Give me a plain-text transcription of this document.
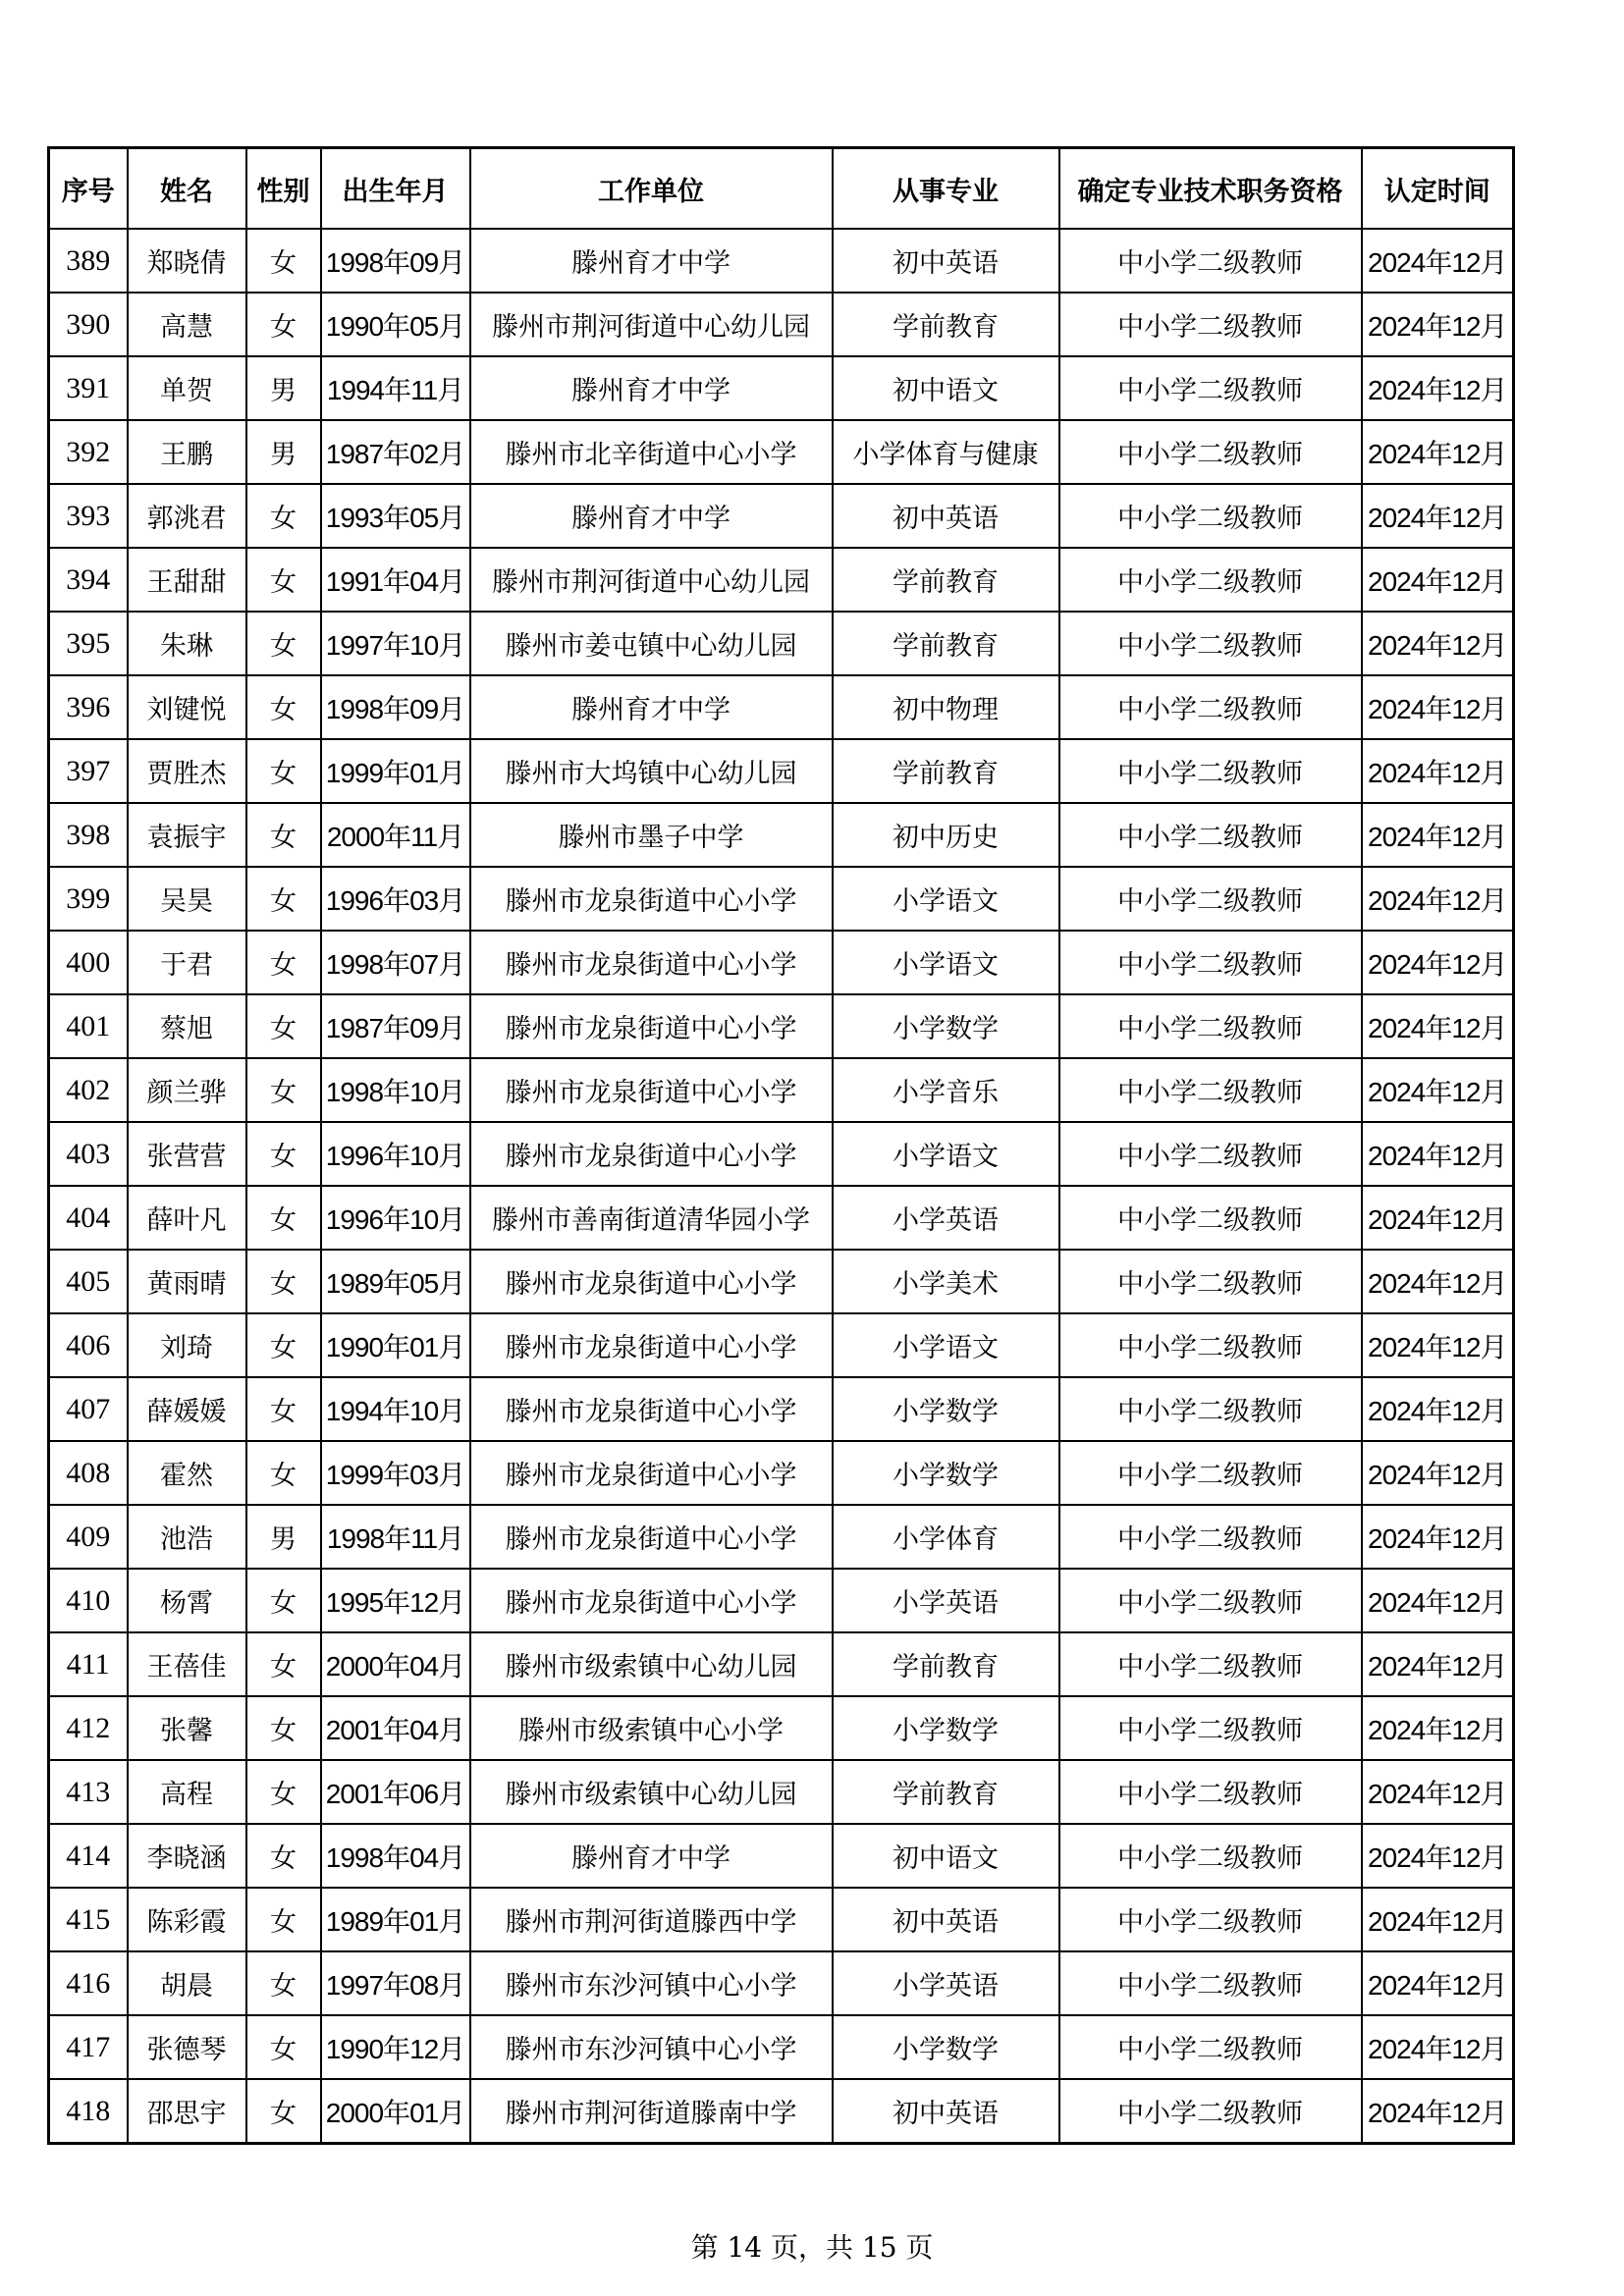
序号	姓名	性别	出生年月	工作单位	从事专业	确定专业技术职务资格	认定时间
389	郑晓倩	女	1998年09月	滕州育才中学	初中英语	中小学二级教师	2024年12月
390	高慧	女	1990年05月	滕州市荆河街道中心幼儿园	学前教育	中小学二级教师	2024年12月
391	单贺	男	1994年11月	滕州育才中学	初中语文	中小学二级教师	2024年12月
392	王鹏	男	1987年02月	滕州市北辛街道中心小学	小学体育与健康	中小学二级教师	2024年12月
393	郭洮君	女	1993年05月	滕州育才中学	初中英语	中小学二级教师	2024年12月
394	王甜甜	女	1991年04月	滕州市荆河街道中心幼儿园	学前教育	中小学二级教师	2024年12月
395	朱琳	女	1997年10月	滕州市姜屯镇中心幼儿园	学前教育	中小学二级教师	2024年12月
396	刘键悦	女	1998年09月	滕州育才中学	初中物理	中小学二级教师	2024年12月
397	贾胜杰	女	1999年01月	滕州市大坞镇中心幼儿园	学前教育	中小学二级教师	2024年12月
398	袁振宇	女	2000年11月	滕州市墨子中学	初中历史	中小学二级教师	2024年12月
399	吴昊	女	1996年03月	滕州市龙泉街道中心小学	小学语文	中小学二级教师	2024年12月
400	于君	女	1998年07月	滕州市龙泉街道中心小学	小学语文	中小学二级教师	2024年12月
401	蔡旭	女	1987年09月	滕州市龙泉街道中心小学	小学数学	中小学二级教师	2024年12月
402	颜兰骅	女	1998年10月	滕州市龙泉街道中心小学	小学音乐	中小学二级教师	2024年12月
403	张营营	女	1996年10月	滕州市龙泉街道中心小学	小学语文	中小学二级教师	2024年12月
404	薛叶凡	女	1996年10月	滕州市善南街道清华园小学	小学英语	中小学二级教师	2024年12月
405	黄雨晴	女	1989年05月	滕州市龙泉街道中心小学	小学美术	中小学二级教师	2024年12月
406	刘琦	女	1990年01月	滕州市龙泉街道中心小学	小学语文	中小学二级教师	2024年12月
407	薛媛媛	女	1994年10月	滕州市龙泉街道中心小学	小学数学	中小学二级教师	2024年12月
408	霍然	女	1999年03月	滕州市龙泉街道中心小学	小学数学	中小学二级教师	2024年12月
409	池浩	男	1998年11月	滕州市龙泉街道中心小学	小学体育	中小学二级教师	2024年12月
410	杨霄	女	1995年12月	滕州市龙泉街道中心小学	小学英语	中小学二级教师	2024年12月
411	王蓓佳	女	2000年04月	滕州市级索镇中心幼儿园	学前教育	中小学二级教师	2024年12月
412	张馨	女	2001年04月	滕州市级索镇中心小学	小学数学	中小学二级教师	2024年12月
413	高程	女	2001年06月	滕州市级索镇中心幼儿园	学前教育	中小学二级教师	2024年12月
414	李晓涵	女	1998年04月	滕州育才中学	初中语文	中小学二级教师	2024年12月
415	陈彩霞	女	1989年01月	滕州市荆河街道滕西中学	初中英语	中小学二级教师	2024年12月
416	胡晨	女	1997年08月	滕州市东沙河镇中心小学	小学英语	中小学二级教师	2024年12月
417	张德琴	女	1990年12月	滕州市东沙河镇中心小学	小学数学	中小学二级教师	2024年12月
418	邵思宇	女	2000年01月	滕州市荆河街道滕南中学	初中英语	中小学二级教师	2024年12月
第 14 页，共 15 页
